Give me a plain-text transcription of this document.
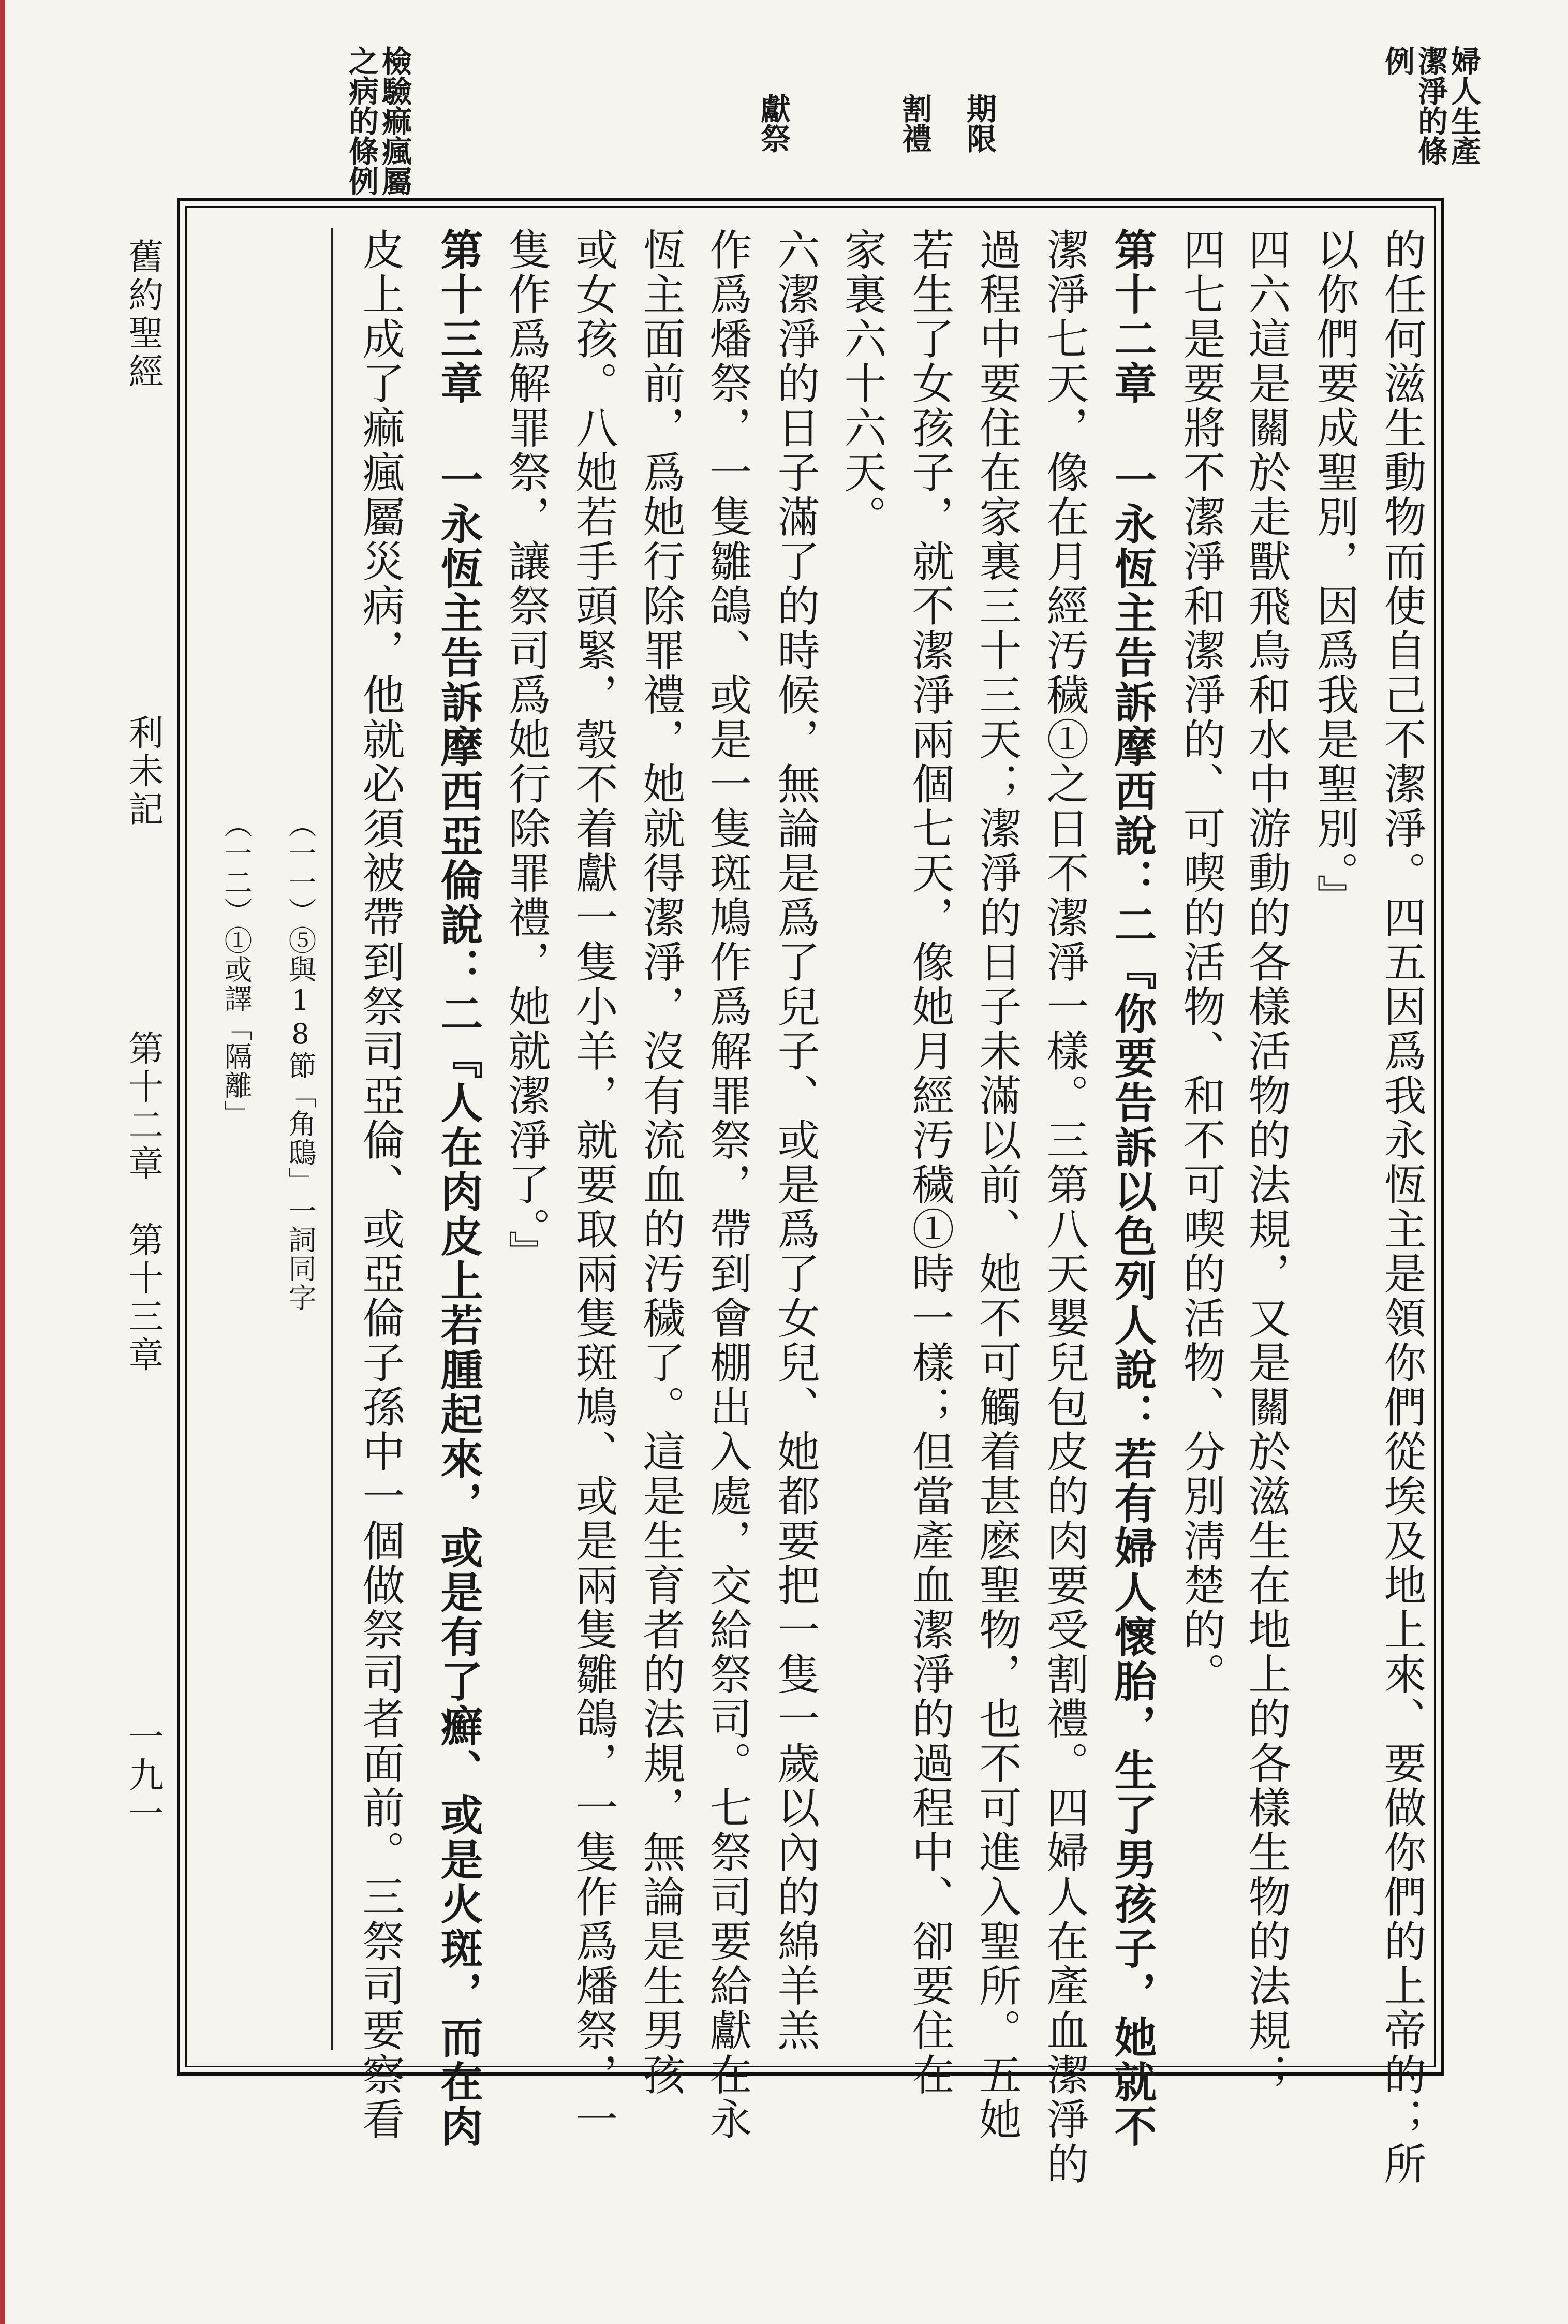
婦人生產潔淨的條例
期限
割禮
獻祭
檢驗痲瘋屬之病的條例
的任何滋生動物而使自己不潔淨。四五因爲我永恆主是領你們從埃及地上來、要做你們的上帝的；所
以你們要成聖別，因爲我是聖別。』
四六這是關於走獸飛鳥和水中游動的各樣活物的法規，又是關於滋生在地上的各樣生物的法規；
四七是要將不潔淨和潔淨的、可喫的活物、和不可喫的活物、分別淸楚的。
第十二章 一永恆主告訴摩西說：二『你要告訴以色列人說：若有婦人懷胎，生了男孩子，她就不
潔淨七天，像在月經汚穢①之日不潔淨一樣。三第八天嬰兒包皮的肉要受割禮。四婦人在產血潔淨的
過程中要住在家裏三十三天；潔淨的日子未滿以前、她不可觸着甚麽聖物，也不可進入聖所。五她
若生了女孩子，就不潔淨兩個七天，像她月經汚穢①時一樣；但當產血潔淨的過程中、卻要住在
家裏六十六天。
六潔淨的日子滿了的時候，無論是爲了兒子、或是爲了女兒、她都要把一隻一歲以內的綿羊羔
作爲燔祭，一隻雛鴿、或是一隻斑鳩作爲解罪祭，帶到會棚出入處，交給祭司。七祭司要給獻在永
恆主面前，爲她行除罪禮，她就得潔淨，沒有流血的汚穢了。這是生育者的法規，無論是生男孩
或女孩。八她若手頭緊，彀不着獻一隻小羊，就要取兩隻斑鳩、或是兩隻雛鴿，一隻作爲燔祭，一
隻作爲解罪祭，讓祭司爲她行除罪禮，她就潔淨了。』
第十三章 一永恆主告訴摩西亞倫說：二『人在肉皮上若腫起來，或是有了癬、或是火斑，而在肉
皮上成了痲瘋屬災病，他就必須被帶到祭司亞倫、或亞倫子孫中一個做祭司者面前。三祭司要察看
（一一）⑤與18節「角鴟」一詞同字
（一二）①或譯「隔離」
舊約聖經
利未記
第十二章　第十三章
一九一
